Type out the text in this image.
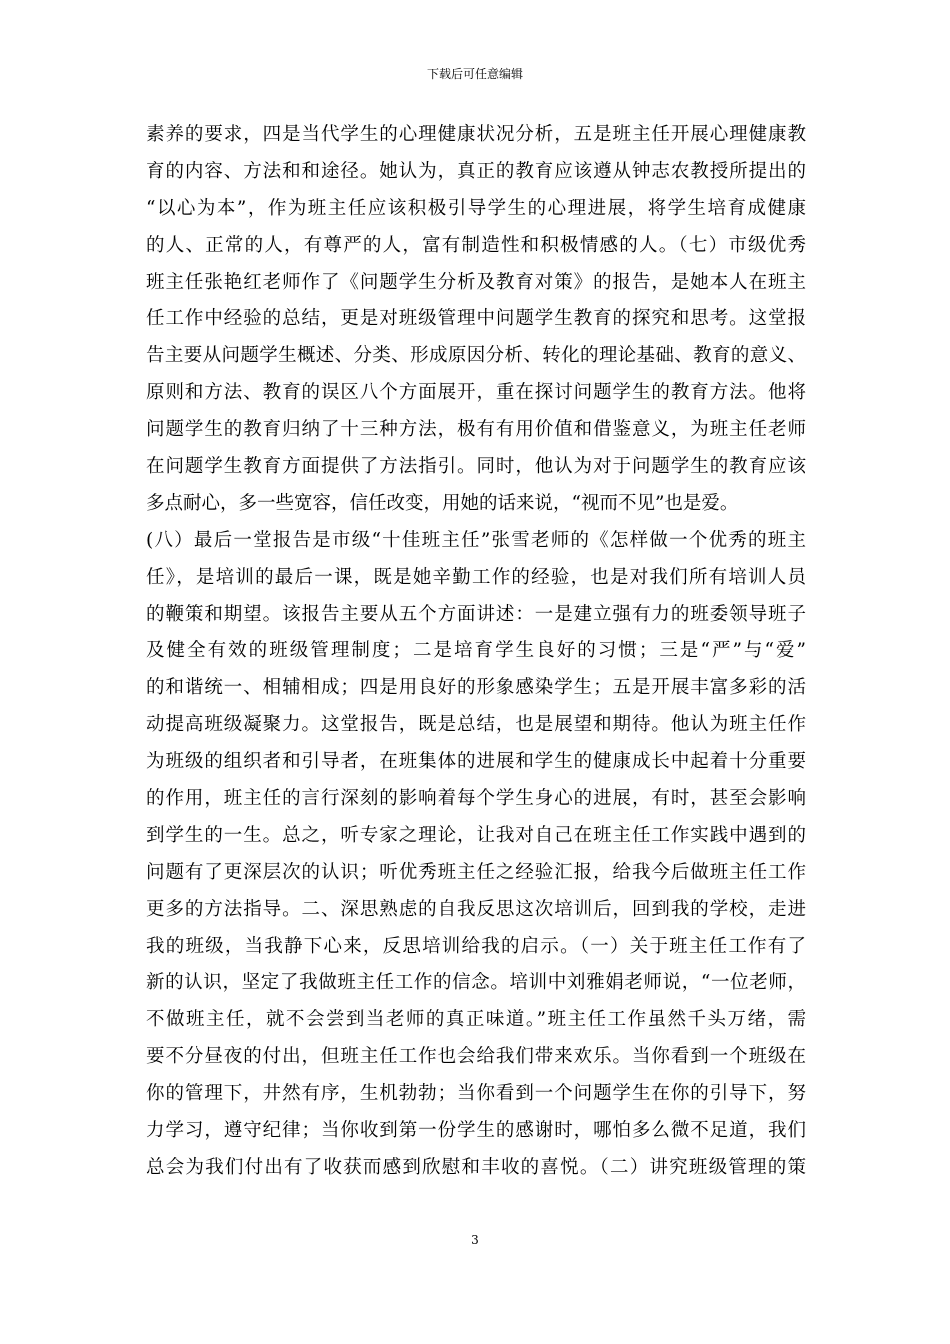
下载后可任意编辑
素养的要求，四是当代学生的心理健康状况分析，五是班主任开展心理健康教
育的内容、方法和和途径。她认为，真正的教育应该遵从钟志农教授所提出的
“以心为本”，作为班主任应该积极引导学生的心理进展，将学生培育成健康
的人、正常的人，有尊严的人，富有制造性和积极情感的人。（七）市级优秀
班主任张艳红老师作了《问题学生分析及教育对策》的报告，是她本人在班主
任工作中经验的总结，更是对班级管理中问题学生教育的探究和思考。这堂报
告主要从问题学生概述、分类、形成原因分析、转化的理论基础、教育的意义、
原则和方法、教育的误区八个方面展开，重在探讨问题学生的教育方法。他将
问题学生的教育归纳了十三种方法，极有有用价值和借鉴意义，为班主任老师
在问题学生教育方面提供了方法指引。同时，他认为对于问题学生的教育应该
多点耐心，多一些宽容，信任改变，用她的话来说，“视而不见”也是爱。
(八）最后一堂报告是市级“十佳班主任”张雪老师的《怎样做一个优秀的班主
任》，是培训的最后一课，既是她辛勤工作的经验，也是对我们所有培训人员
的鞭策和期望。该报告主要从五个方面讲述：一是建立强有力的班委领导班子
及健全有效的班级管理制度；二是培育学生良好的习惯；三是“严”与“爱”
的和谐统一、相辅相成；四是用良好的形象感染学生；五是开展丰富多彩的活
动提高班级凝聚力。这堂报告，既是总结，也是展望和期待。他认为班主任作
为班级的组织者和引导者，在班集体的进展和学生的健康成长中起着十分重要
的作用，班主任的言行深刻的影响着每个学生身心的进展，有时，甚至会影响
到学生的一生。总之，听专家之理论，让我对自己在班主任工作实践中遇到的
问题有了更深层次的认识；听优秀班主任之经验汇报，给我今后做班主任工作
更多的方法指导。二、深思熟虑的自我反思这次培训后，回到我的学校，走进
我的班级，当我静下心来，反思培训给我的启示。（一）关于班主任工作有了
新的认识，坚定了我做班主任工作的信念。培训中刘雅娟老师说，“一位老师，
不做班主任，就不会尝到当老师的真正味道。”班主任工作虽然千头万绪，需
要不分昼夜的付出，但班主任工作也会给我们带来欢乐。当你看到一个班级在
你的管理下，井然有序，生机勃勃；当你看到一个问题学生在你的引导下，努
力学习，遵守纪律；当你收到第一份学生的感谢时，哪怕多么微不足道，我们
总会为我们付出有了收获而感到欣慰和丰收的喜悦。（二）讲究班级管理的策
3
